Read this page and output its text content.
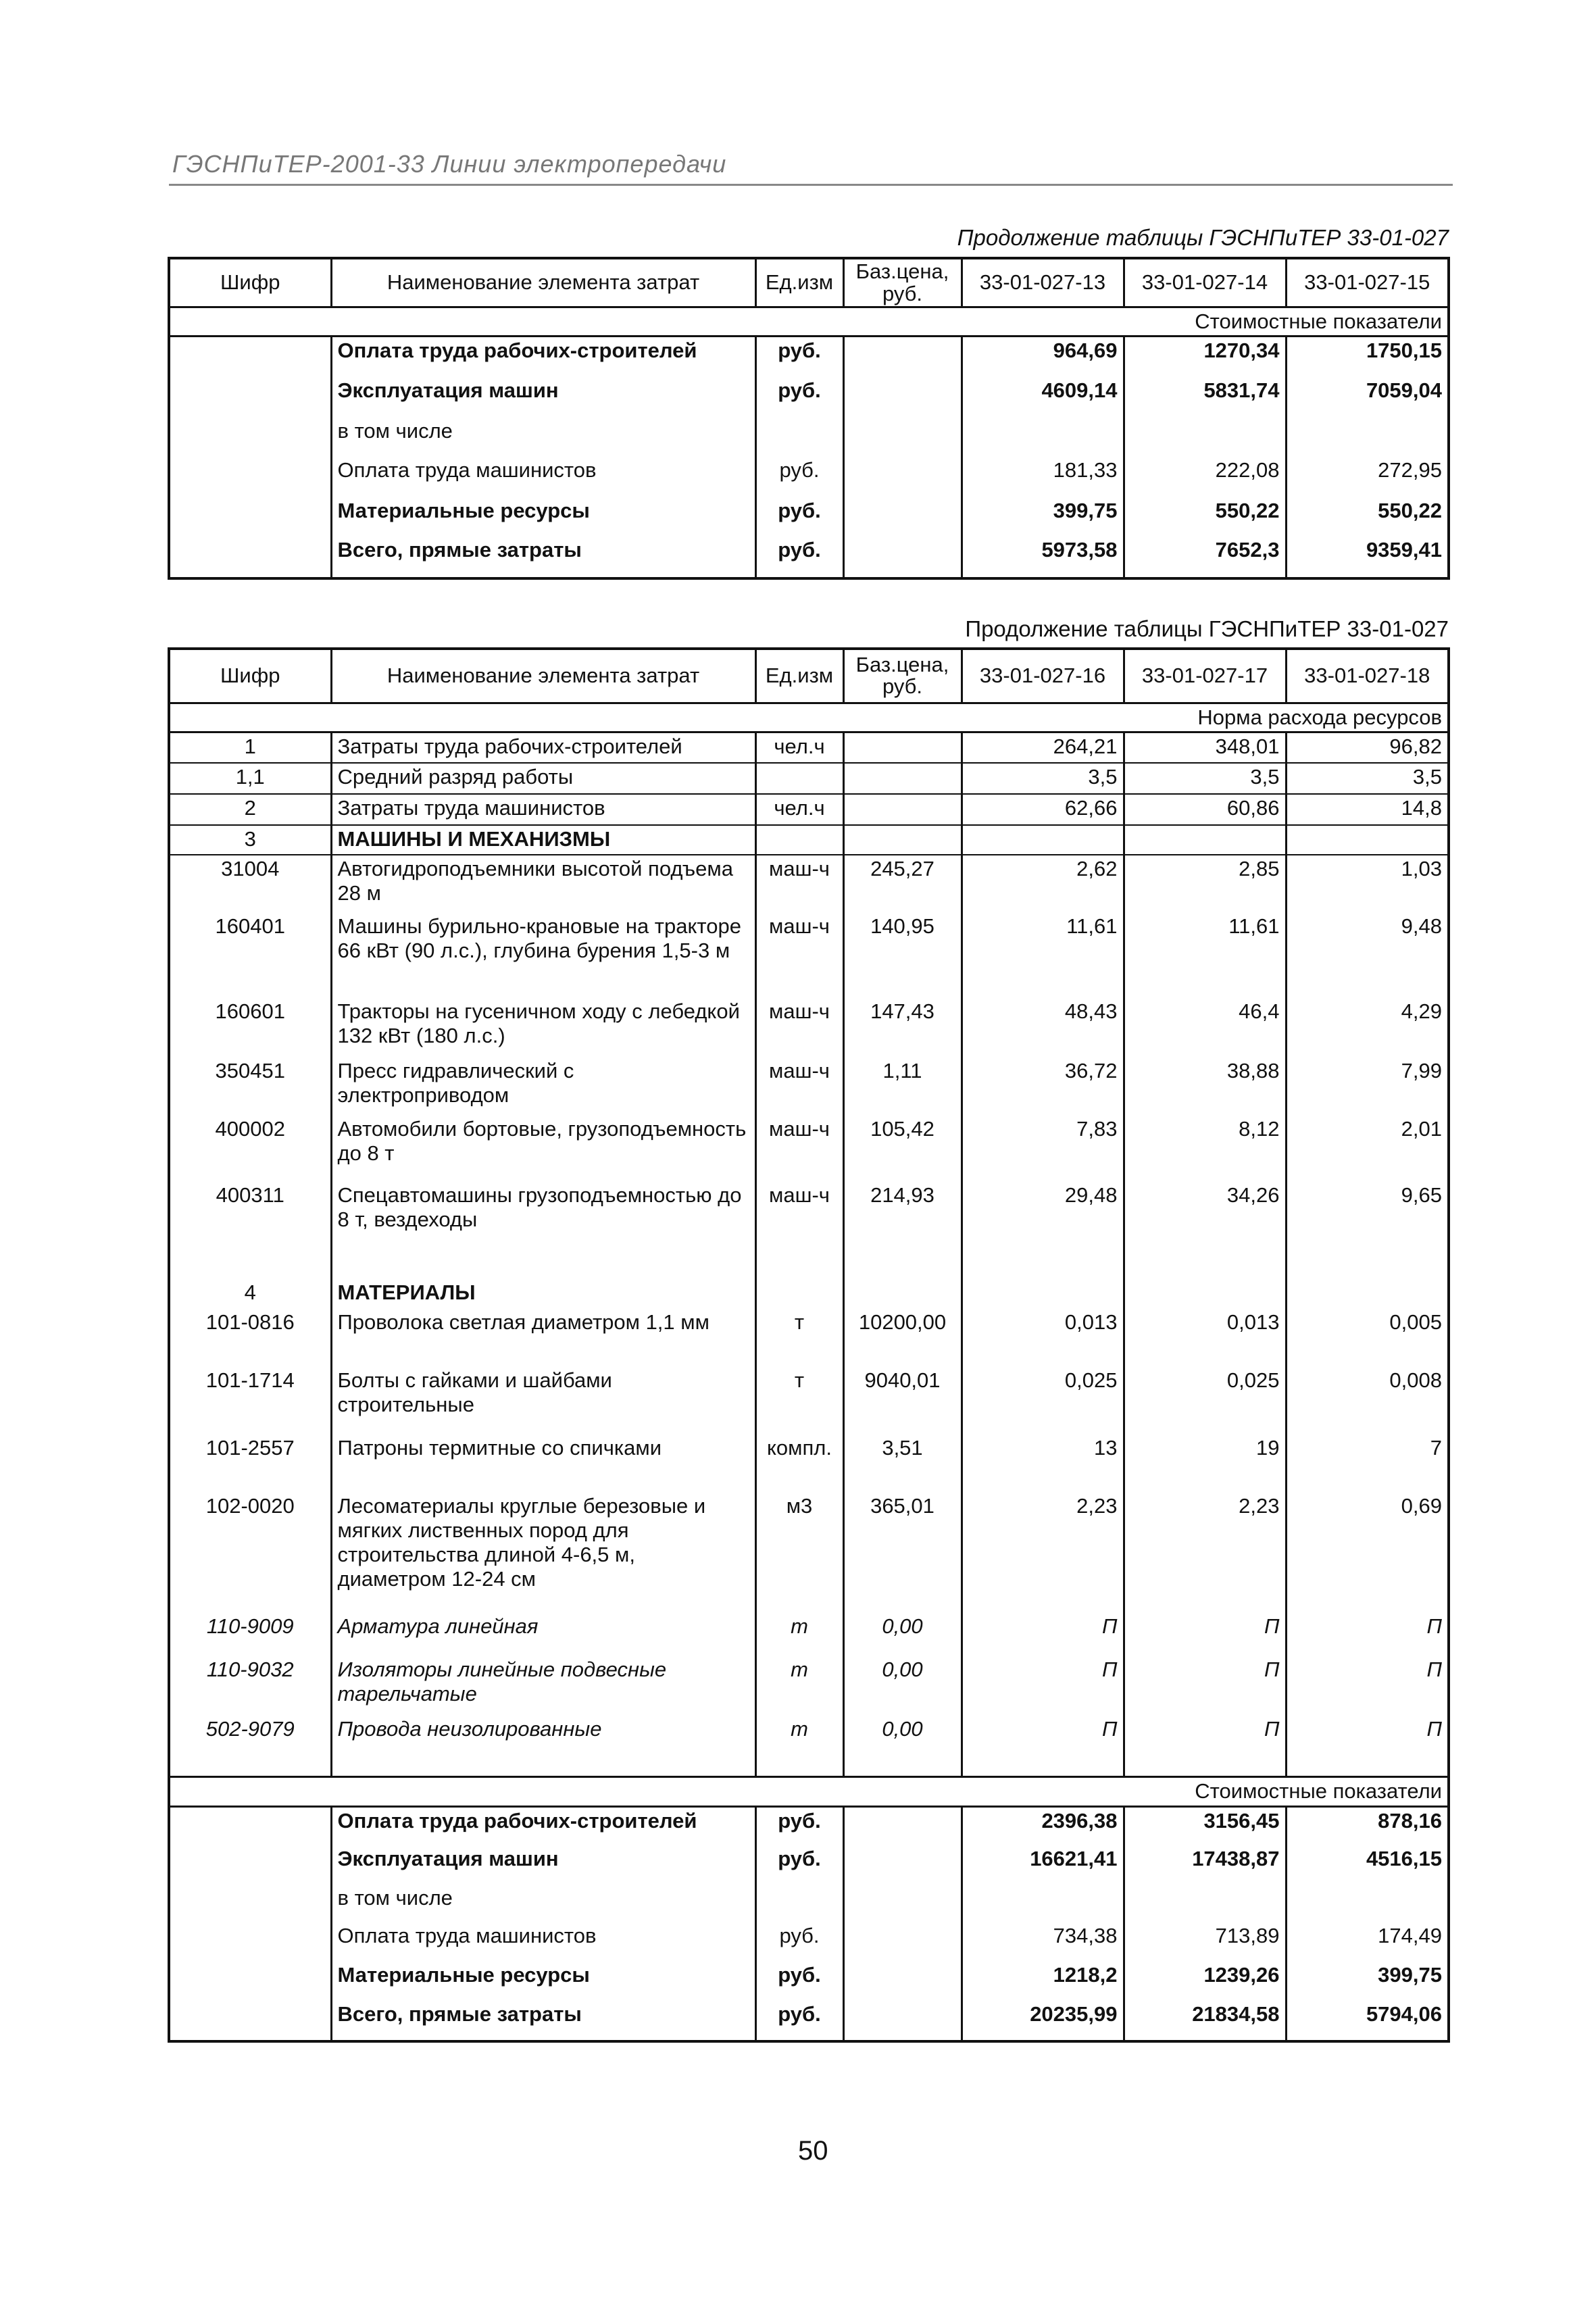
ГЭСНПиТЕР-2001-33 Линии электропередачи
Продолжение таблицы ГЭСНПиТЕР 33-01-027
Шифр	Наименование элемента затрат	Ед.изм	Баз.цена, руб.	33-01-027-13	33-01-027-14	33-01-027-15
Стоимостные показатели						
	Оплата труда рабочих-строителей	руб.		964,69	1270,34	1750,15
	Эксплуатация машин	руб.		4609,14	5831,74	7059,04
	в том числе					
	Оплата труда машинистов	руб.		181,33	222,08	272,95
	Материальные ресурсы	руб.		399,75	550,22	550,22
	Всего, прямые затраты	руб.		5973,58	7652,3	9359,41
Продолжение таблицы ГЭСНПиТЕР 33-01-027
Шифр	Наименование элемента затрат	Ед.изм	Баз.цена, руб.	33-01-027-16	33-01-027-17	33-01-027-18
Норма расхода ресурсов						
1	Затраты труда рабочих-строителей	чел.ч		264,21	348,01	96,82
1,1	Средний разряд работы			3,5	3,5	3,5
2	Затраты труда машинистов	чел.ч		62,66	60,86	14,8
3	МАШИНЫ И МЕХАНИЗМЫ					
31004	Автогидроподъемники высотой подъема 28 м	маш-ч	245,27	2,62	2,85	1,03
160401	Машины бурильно-крановые на тракторе 66 кВт (90 л.с.), глубина бурения 1,5-3 м	маш-ч	140,95	11,61	11,61	9,48
160601	Тракторы на гусеничном ходу с лебедкой 132 кВт (180 л.с.)	маш-ч	147,43	48,43	46,4	4,29
350451	Пресс гидравлический с электроприводом	маш-ч	1,11	36,72	38,88	7,99
400002	Автомобили бортовые, грузоподъемность до 8 т	маш-ч	105,42	7,83	8,12	2,01
400311	Спецавтомашины грузоподъемностью до 8 т, вездеходы	маш-ч	214,93	29,48	34,26	9,65
4	МАТЕРИАЛЫ					
101-0816	Проволока светлая диаметром 1,1 мм	т	10200,00	0,013	0,013	0,005
101-1714	Болты с гайками и шайбами строительные	т	9040,01	0,025	0,025	0,008
101-2557	Патроны термитные со спичками	компл.	3,51	13	19	7
102-0020	Лесоматериалы круглые березовые и мягких лиственных пород для строительства длиной 4-6,5 м, диаметром 12-24 см	м3	365,01	2,23	2,23	0,69
110-9009	Арматура линейная	m	0,00	П	П	П
110-9032	Изоляторы линейные подвесные тарельчатые	m	0,00	П	П	П
502-9079	Провода неизолированные	m	0,00	П	П	П
Стоимостные показатели						
	Оплата труда рабочих-строителей	руб.		2396,38	3156,45	878,16
	Эксплуатация машин	руб.		16621,41	17438,87	4516,15
	в том числе					
	Оплата труда машинистов	руб.		734,38	713,89	174,49
	Материальные ресурсы	руб.		1218,2	1239,26	399,75
	Всего, прямые затраты	руб.		20235,99	21834,58	5794,06
50
